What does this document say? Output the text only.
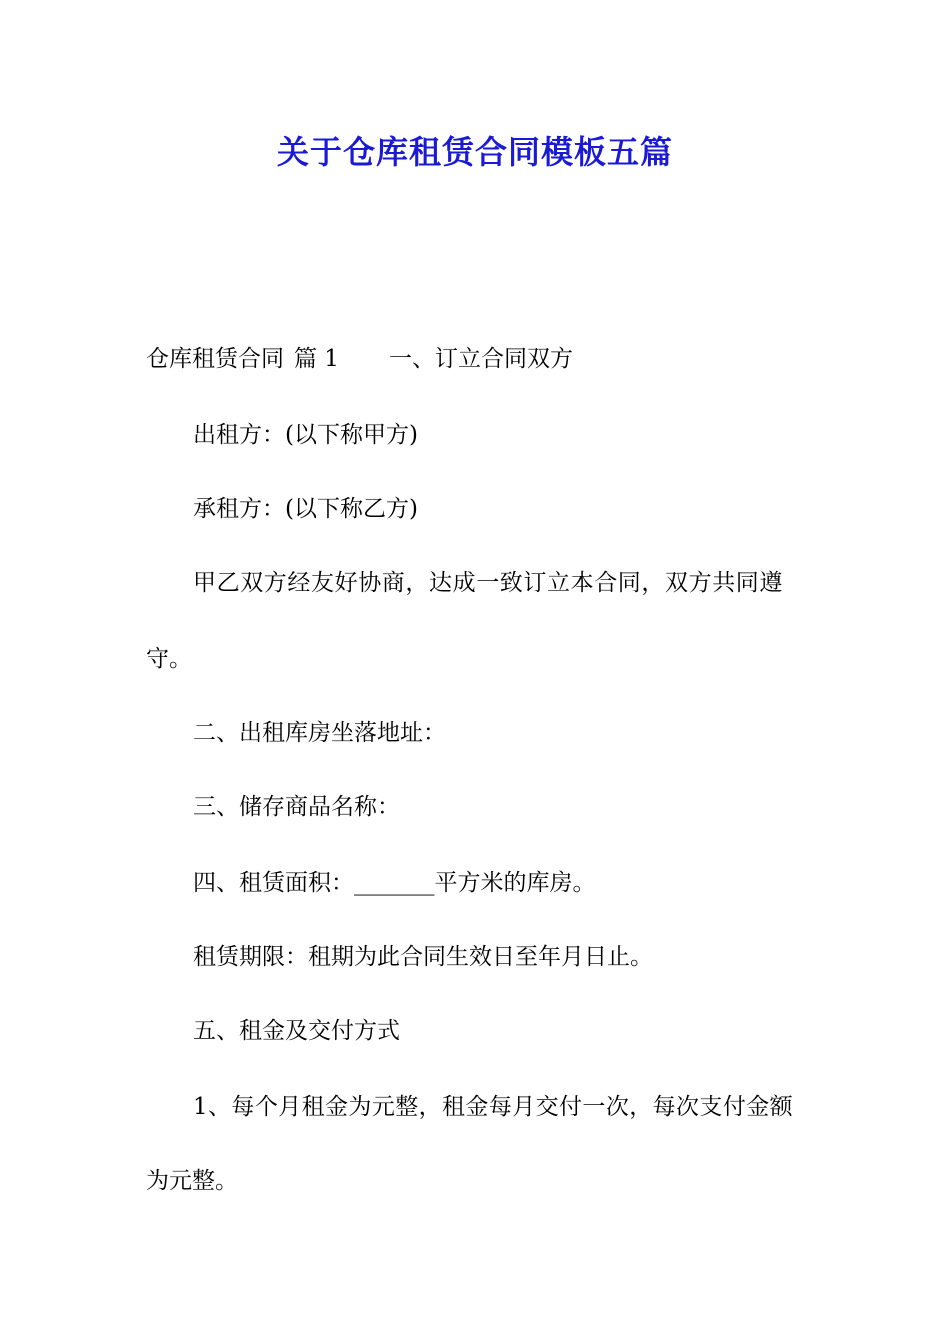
关于仓库租赁合同模板五篇

仓库租赁合同 篇 1 一、订立合同双方

出租方：(以下称甲方)

承租方：(以下称乙方)

甲乙双方经友好协商，达成一致订立本合同，双方共同遵

守。

二、出租库房坐落地址：

三、储存商品名称：

四、租赁面积：_______平方米的库房。

租赁期限：租期为此合同生效日至年月日止。

五、租金及交付方式

1、每个月租金为元整，租金每月交付一次，每次支付金额

为元整。
